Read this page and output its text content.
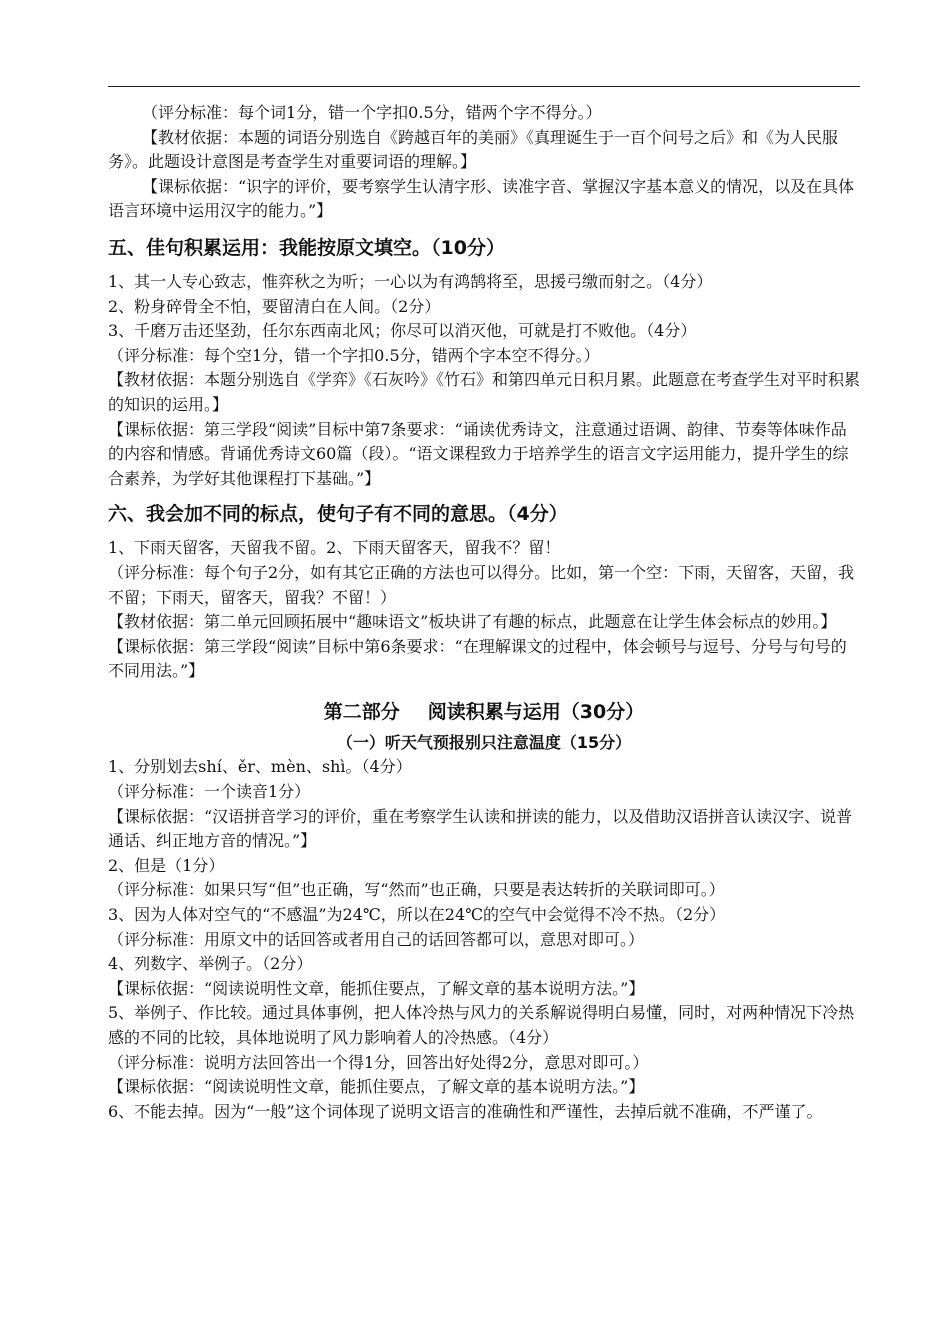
（评分标准：每个词1分，错一个字扣0.5分，错两个字不得分。）

【教材依据：本题的词语分别选自《跨越百年的美丽》《真理诞生于一百个问号之后》和《为人民服务》。此题设计意图是考查学生对重要词语的理解。】

【课标依据：“识字的评价，要考察学生认清字形、读准字音、掌握汉字基本意义的情况，以及在具体语言环境中运用汉字的能力。”】

五、佳句积累运用：我能按原文填空。（10分）

1、其一人专心致志，惟弈秋之为听；一心以为有鸿鹄将至，思援弓缴而射之。（4分）

2、粉身碎骨全不怕，要留清白在人间。（2分）

3、千磨万击还坚劲，任尔东西南北风；你尽可以消灭他，可就是打不败他。（4分）

（评分标准：每个空1分，错一个字扣0.5分，错两个字本空不得分。）

【教材依据：本题分别选自《学弈》《石灰吟》《竹石》和第四单元日积月累。此题意在考查学生对平时积累的知识的运用。】

【课标依据：第三学段“阅读”目标中第7条要求：“诵读优秀诗文，注意通过语调、韵律、节奏等体味作品的内容和情感。背诵优秀诗文60篇（段）。“语文课程致力于培养学生的语言文字运用能力，提升学生的综合素养，为学好其他课程打下基础。”】

六、我会加不同的标点，使句子有不同的意思。（4分）

1、下雨天留客，天留我不留。2、下雨天留客天，留我不？留！

（评分标准：每个句子2分，如有其它正确的方法也可以得分。比如，第一个空：下雨，天留客，天留，我不留；下雨天，留客天，留我？不留！）

【教材依据：第二单元回顾拓展中“趣味语文”板块讲了有趣的标点，此题意在让学生体会标点的妙用。】

【课标依据：第三学段“阅读”目标中第6条要求：“在理解课文的过程中，体会顿号与逗号、分号与句号的不同用法。”】

第二部分 阅读积累与运用（30分）
（一）听天气预报别只注意温度（15分）

1、分别划去shí、ěr、mèn、shì。（4分）

（评分标准：一个读音1分）

【课标依据：“汉语拼音学习的评价，重在考察学生认读和拼读的能力，以及借助汉语拼音认读汉字、说普通话、纠正地方音的情况。”】

2、但是（1分）

（评分标准：如果只写“但”也正确，写“然而”也正确，只要是表达转折的关联词即可。）

3、因为人体对空气的“不感温”为24℃，所以在24℃的空气中会觉得不冷不热。（2分）

（评分标准：用原文中的话回答或者用自己的话回答都可以，意思对即可。）

4、列数字、举例子。（2分）

【课标依据：“阅读说明性文章，能抓住要点，了解文章的基本说明方法。”】

5、举例子、作比较。通过具体事例，把人体冷热与风力的关系解说得明白易懂，同时，对两种情况下冷热感的不同的比较，具体地说明了风力影响着人的冷热感。（4分）

（评分标准：说明方法回答出一个得1分，回答出好处得2分，意思对即可。）

【课标依据：“阅读说明性文章，能抓住要点，了解文章的基本说明方法。”】

6、不能去掉。因为“一般”这个词体现了说明文语言的准确性和严谨性，去掉后就不准确，不严谨了。
